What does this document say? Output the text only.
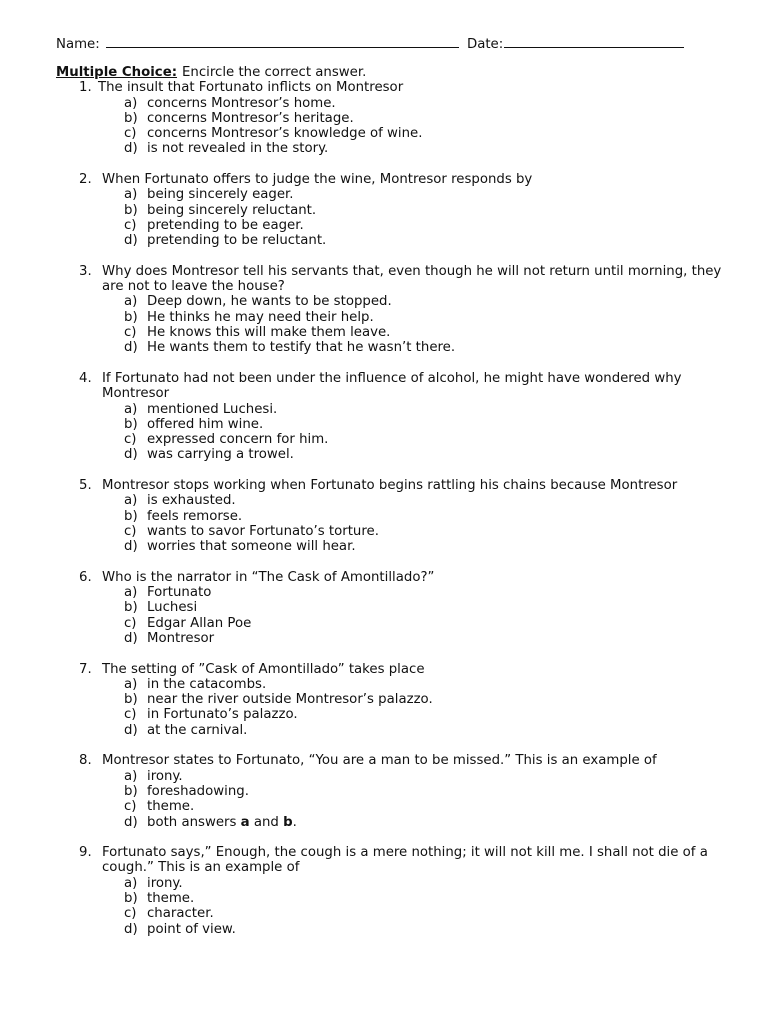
Name:	Date:
Multiple Choice: Encircle the correct answer.
1. The insult that Fortunato inflicts on Montresor
a) concerns Montresor’s home.
b) concerns Montresor’s heritage.
c) concerns Montresor’s knowledge of wine.
d) is not revealed in the story.
2. When Fortunato offers to judge the wine, Montresor responds by
a) being sincerely eager.
b) being sincerely reluctant.
c) pretending to be eager.
d) pretending to be reluctant.
3. Why does Montresor tell his servants that, even though he will not return until morning, they are not to leave the house?
a) Deep down, he wants to be stopped.
b) He thinks he may need their help.
c) He knows this will make them leave.
d) He wants them to testify that he wasn’t there.
4. If Fortunato had not been under the influence of alcohol, he might have wondered why Montresor
a) mentioned Luchesi.
b) offered him wine.
c) expressed concern for him.
d) was carrying a trowel.
5. Montresor stops working when Fortunato begins rattling his chains because Montresor
a) is exhausted.
b) feels remorse.
c) wants to savor Fortunato’s torture.
d) worries that someone will hear.
6. Who is the narrator in “The Cask of Amontillado?”
a) Fortunato
b) Luchesi
c) Edgar Allan Poe
d) Montresor
7. The setting of ”Cask of Amontillado” takes place
a) in the catacombs.
b) near the river outside Montresor’s palazzo.
c) in Fortunato’s palazzo.
d) at the carnival.
8. Montresor states to Fortunato, “You are a man to be missed.” This is an example of
a) irony.
b) foreshadowing.
c) theme.
d) both answers a and b.
9. Fortunato says,” Enough, the cough is a mere nothing; it will not kill me. I shall not die of a cough.” This is an example of
a) irony.
b) theme.
c) character.
d) point of view.
